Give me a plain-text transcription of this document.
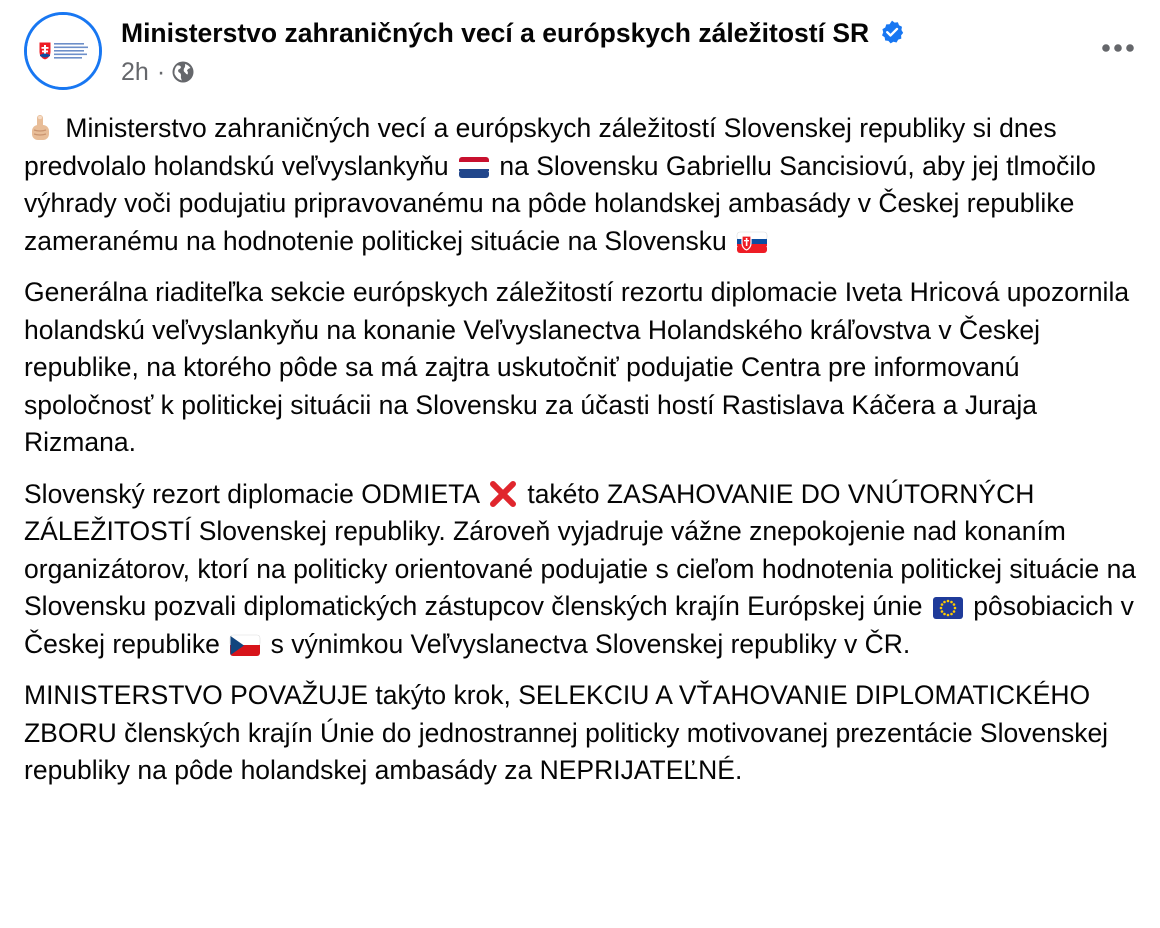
Ministerstvo zahraničných vecí a európskych záležitostí SR
2h ·

Ministerstvo zahraničných vecí a európskych záležitostí Slovenskej republiky si dnes predvolalo holandskú veľvyslankyňu na Slovensku Gabriellu Sancisiovú, aby jej tlmočilo výhrady voči podujatiu pripravovanému na pôde holandskej ambasády v Českej republike zameranému na hodnotenie politickej situácie na Slovensku

Generálna riaditeľka sekcie európskych záležitostí rezortu diplomacie Iveta Hricová upozornila holandskú veľvyslankyňu na konanie Veľvyslanectva Holandského kráľovstva v Českej republike, na ktorého pôde sa má zajtra uskutočniť podujatie Centra pre informovanú spoločnosť k politickej situácii na Slovensku za účasti hostí Rastislava Káčera a Juraja Rizmana.

Slovenský rezort diplomacie ODMIETA takéto ZASAHOVANIE DO VNÚTORNÝCH ZÁLEŽITOSTÍ Slovenskej republiky. Zároveň vyjadruje vážne znepokojenie nad konaním organizátorov, ktorí na politicky orientované podujatie s cieľom hodnotenia politickej situácie na Slovensku pozvali diplomatických zástupcov členských krajín Európskej únie pôsobiacich v Českej republike s výnimkou Veľvyslanectva Slovenskej republiky v ČR.

MINISTERSTVO POVAŽUJE takýto krok, SELEKCIU A VŤAHOVANIE DIPLOMATICKÉHO ZBORU členských krajín Únie do jednostrannej politicky motivovanej prezentácie Slovenskej republiky na pôde holandskej ambasády za NEPRIJATEĽNÉ.
